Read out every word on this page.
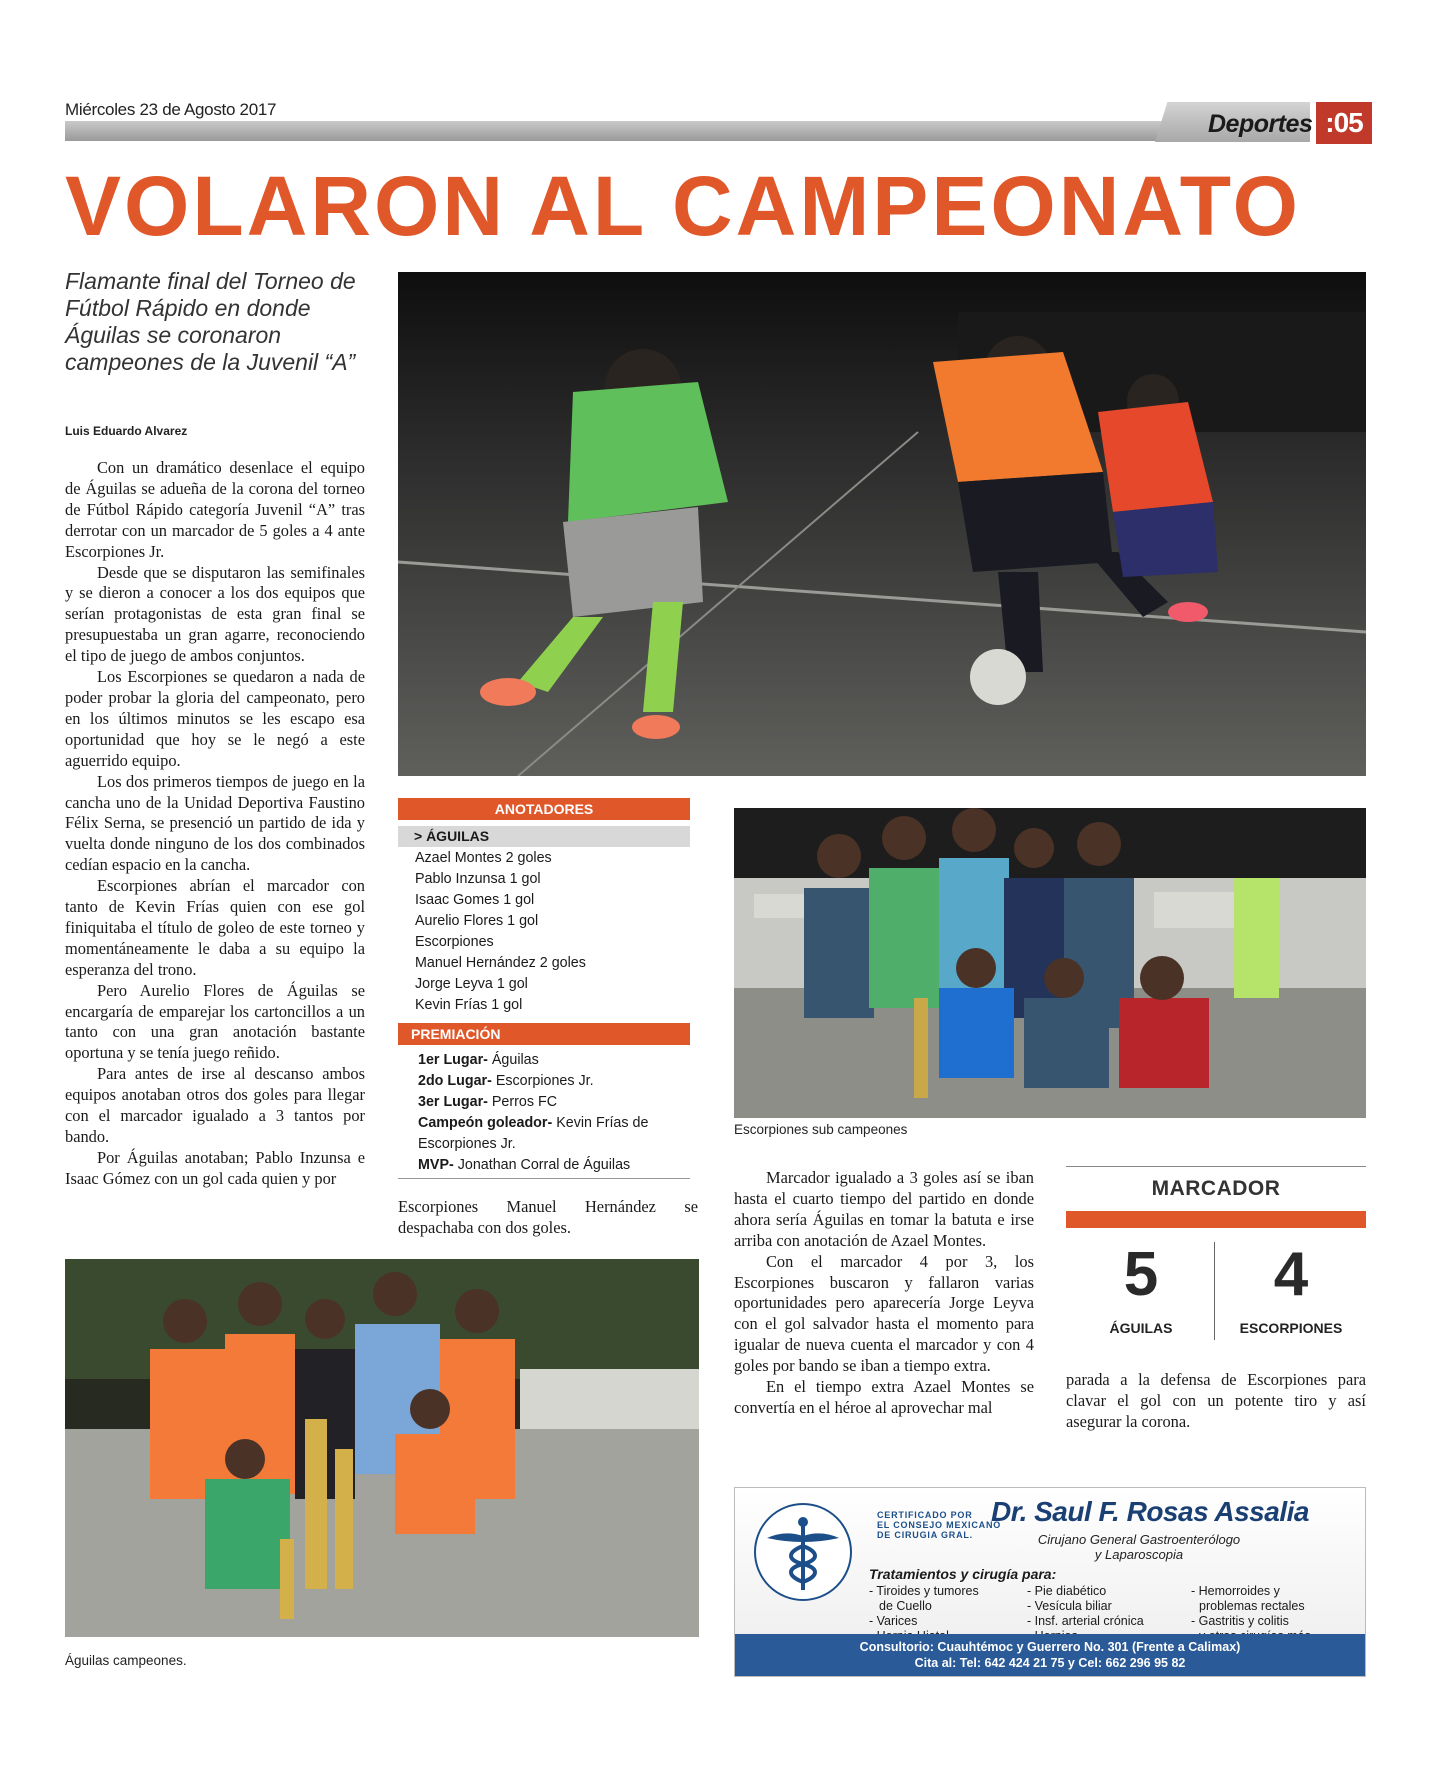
Miércoles 23 de Agosto 2017
Deportes :05
VOLARON AL CAMPEONATO
Flamante final del Torneo de Fútbol Rápido en donde Águilas se coronaron campeones de la Juvenil “A”
Luis Eduardo Alvarez

Con un dramático desenlace el equipo de Águilas se adueña de la corona del torneo de Fútbol Rápido categoría Juvenil “A” tras derrotar con un marcador de 5 goles a 4 ante Escorpiones Jr.

Desde que se disputaron las semifinales y se dieron a conocer a los dos equipos que serían protagonistas de esta gran final se presupuestaba un gran agarre, reconociendo el tipo de juego de ambos conjuntos.

Los Escorpiones se quedaron a nada de poder probar la gloria del campeonato, pero en los últimos minutos se les escapo esa oportunidad que hoy se le negó a este aguerrido equipo.

Los dos primeros tiempos de juego en la cancha uno de la Unidad Deportiva Faustino Félix Serna, se presenció un partido de ida y vuelta donde ninguno de los dos combinados cedían espacio en la cancha.

Escorpiones abrían el marcador con tanto de Kevin Frías quien con ese gol finiquitaba el título de goleo de este torneo y momentáneamente le daba a su equipo la esperanza del trono.

Pero Aurelio Flores de Águilas se encargaría de emparejar los cartoncillos a un tanto con una gran anotación bastante oportuna y se tenía juego reñido.

Para antes de irse al descanso ambos equipos anotaban otros dos goles para llegar con el marcador igualado a 3 tantos por bando.

Por Águilas anotaban; Pablo Inzunsa e Isaac Gómez con un gol cada quien y por

ANOTADORES
> ÁGUILAS
Azael Montes 2 goles
Pablo Inzunsa 1 gol
Isaac Gomes 1 gol
Aurelio Flores 1 gol
Escorpiones
Manuel Hernández 2 goles
Jorge Leyva 1 gol
Kevin Frías 1 gol
PREMIACIÓN
1er Lugar- Águilas
2do Lugar- Escorpiones Jr.
3er Lugar- Perros FC
Campeón goleador- Kevin Frías de Escorpiones Jr.
MVP- Jonathan Corral de Águilas

Escorpiones Manuel Hernández se despachaba con dos goles.

Escorpiones sub campeones

Marcador igualado a 3 goles así se iban hasta el cuarto tiempo del partido en donde ahora sería Águilas en tomar la batuta e irse arriba con anotación de Azael Montes.

Con el marcador 4 por 3, los Escorpiones buscaron y fallaron varias oportunidades pero aparecería Jorge Leyva con el gol salvador hasta el momento para igualar de nueva cuenta el marcador y con 4 goles por bando se iban a tiempo extra.

En el tiempo extra Azael Montes se convertía en el héroe al aprovechar mal

MARCADOR
5
ÁGUILAS
4
ESCORPIONES

parada a la defensa de Escorpiones para clavar el gol con un potente tiro y así asegurar la corona.

Águilas campeones.
CERTIFICADO POR
EL CONSEJO MEXICANO
DE CIRUGIA GRAL.
Dr. Saul F. Rosas Assalia
Cirujano General Gastroenterólogo
y Laparoscopia
Tratamientos y cirugía para:
- Tiroides y tumores
de Cuello
- Varices
- Pie diabético
- Vesícula biliar
- Insf. arterial crónica
- Hemorroides y
problemas rectales
- Gastritis y colitis
Consultorio: Cuauhtémoc y Guerrero No. 301 (Frente a Calimax)
Cita al: Tel: 642 424 21 75 y Cel: 662 296 95 82
